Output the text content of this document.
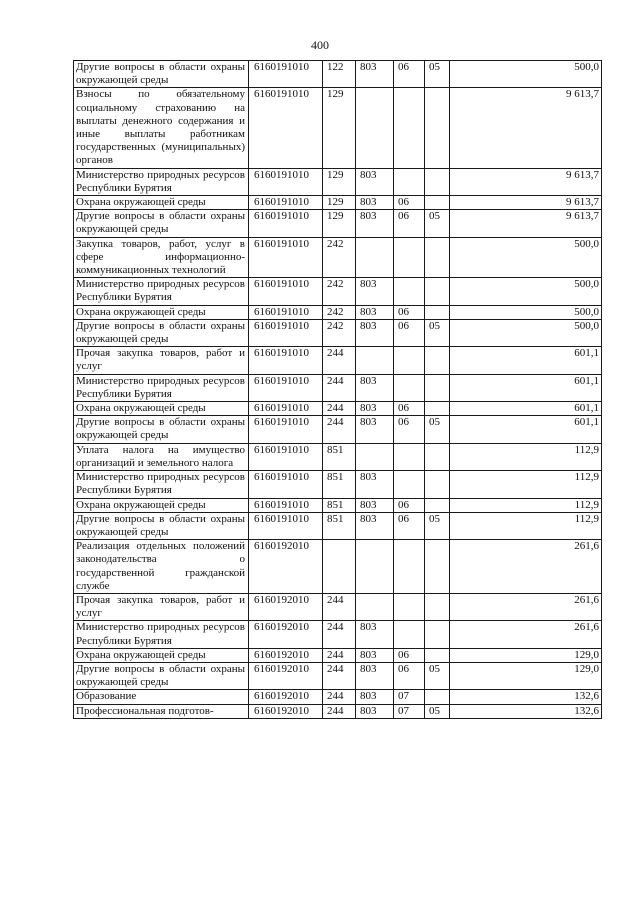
400
Другие вопросы в области охраны окружающей среды	6160191010	122	803	06	05	500,0
Взносы по обязательному социальному страхованию на выплаты денежного содержания и иные выплаты работникам государственных (муниципальных) органов	6160191010	129				9 613,7
Министерство природных ресурсов Республики Бурятия	6160191010	129	803			9 613,7
Охрана окружающей среды	6160191010	129	803	06		9 613,7
Другие вопросы в области охраны окружающей среды	6160191010	129	803	06	05	9 613,7
Закупка товаров, работ, услуг в сфере информационно-коммуникационных технологий	6160191010	242				500,0
Министерство природных ресурсов Республики Бурятия	6160191010	242	803			500,0
Охрана окружающей среды	6160191010	242	803	06		500,0
Другие вопросы в области охраны окружающей среды	6160191010	242	803	06	05	500,0
Прочая закупка товаров, работ и услуг	6160191010	244				601,1
Министерство природных ресурсов Республики Бурятия	6160191010	244	803			601,1
Охрана окружающей среды	6160191010	244	803	06		601,1
Другие вопросы в области охраны окружающей среды	6160191010	244	803	06	05	601,1
Уплата налога на имущество организаций и земельного налога	6160191010	851				112,9
Министерство природных ресурсов Республики Бурятия	6160191010	851	803			112,9
Охрана окружающей среды	6160191010	851	803	06		112,9
Другие вопросы в области охраны окружающей среды	6160191010	851	803	06	05	112,9
Реализация отдельных положений законодательства о государственной гражданской службе	6160192010					261,6
Прочая закупка товаров, работ и услуг	6160192010	244				261,6
Министерство природных ресурсов Республики Бурятия	6160192010	244	803			261,6
Охрана окружающей среды	6160192010	244	803	06		129,0
Другие вопросы в области охраны окружающей среды	6160192010	244	803	06	05	129,0
Образование	6160192010	244	803	07		132,6
Профессиональная подготов-	6160192010	244	803	07	05	132,6
